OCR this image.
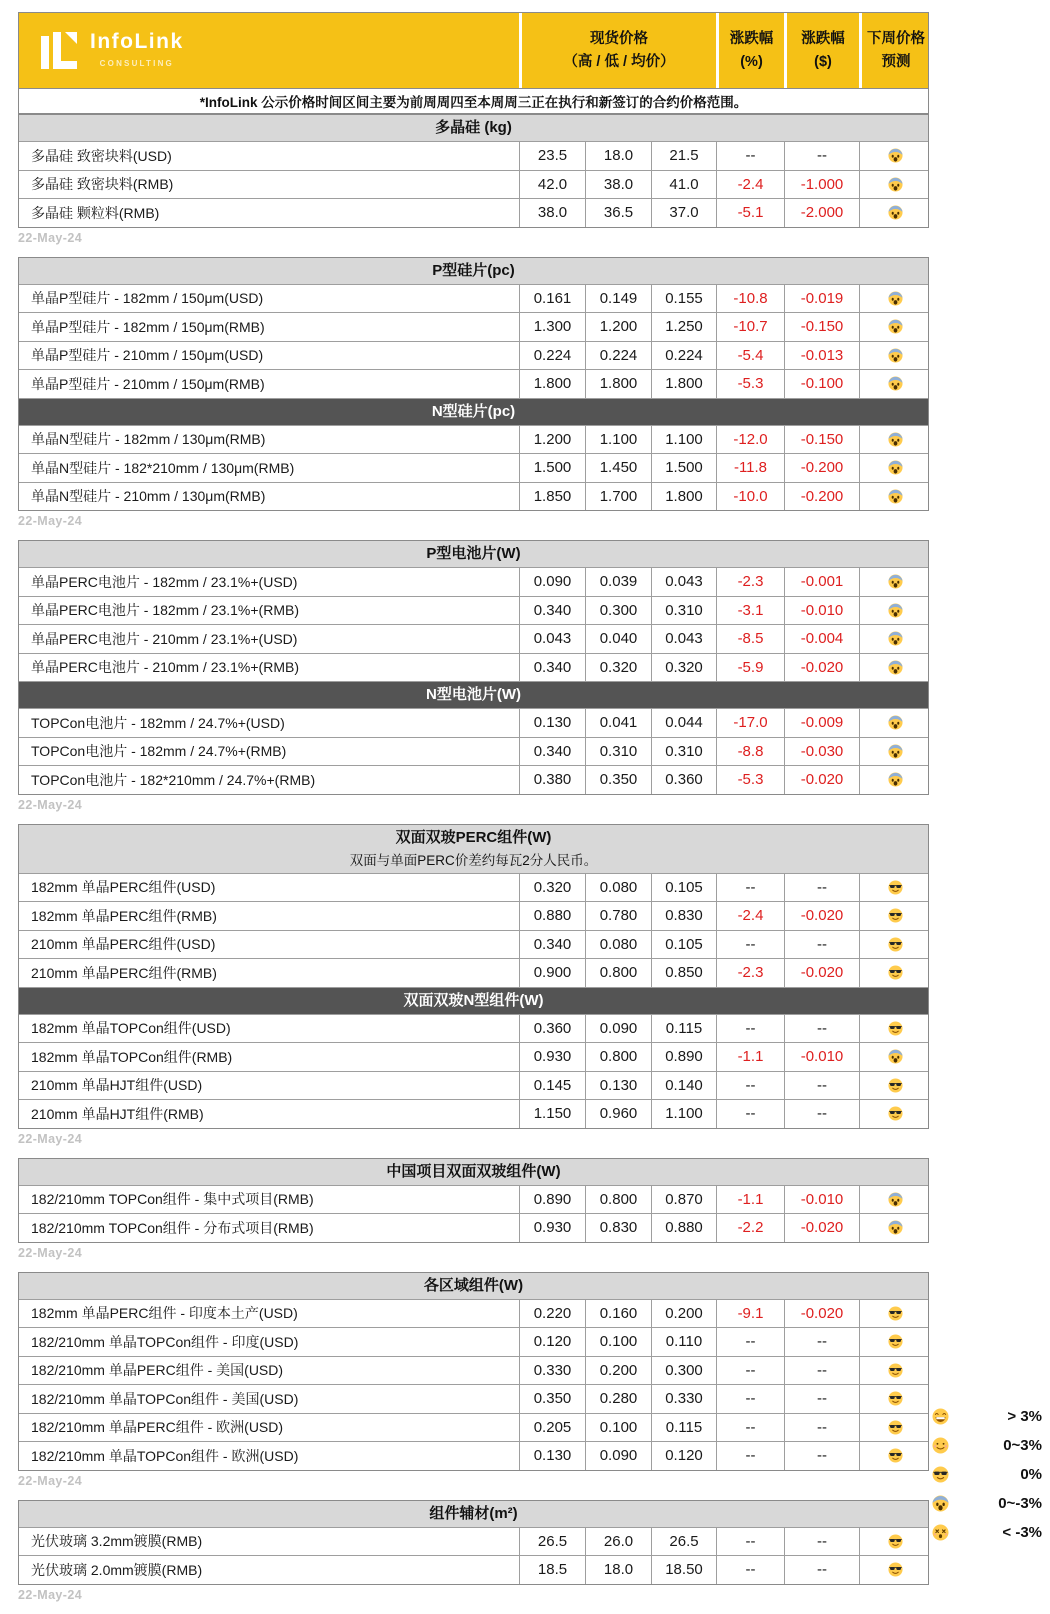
InfoLink
CONSULTING
现货价格
（高 / 低 / 均价）
涨跌幅
(%)
涨跌幅
($)
下周价格
预测
*InfoLink 公示价格时间区间主要为前周周四至本周周三正在执行和新签订的合约价格范围。
多晶硅 (kg)
多晶硅 致密块料(USD)	23.5	18.0	21.5	--	--
多晶硅 致密块料(RMB)	42.0	38.0	41.0	-2.4	-1.000
多晶硅 颗粒料(RMB)	38.0	36.5	37.0	-5.1	-2.000
22-May-24
P型硅片(pc)
单晶P型硅片 - 182mm / 150μm(USD)	0.161	0.149	0.155	-10.8	-0.019
单晶P型硅片 - 182mm / 150μm(RMB)	1.300	1.200	1.250	-10.7	-0.150
单晶P型硅片 - 210mm / 150μm(USD)	0.224	0.224	0.224	-5.4	-0.013
单晶P型硅片 - 210mm / 150μm(RMB)	1.800	1.800	1.800	-5.3	-0.100
N型硅片(pc)
单晶N型硅片 - 182mm / 130μm(RMB)	1.200	1.100	1.100	-12.0	-0.150
单晶N型硅片 - 182*210mm / 130μm(RMB)	1.500	1.450	1.500	-11.8	-0.200
单晶N型硅片 - 210mm / 130μm(RMB)	1.850	1.700	1.800	-10.0	-0.200
22-May-24
P型电池片(W)
单晶PERC电池片 - 182mm / 23.1%+(USD)	0.090	0.039	0.043	-2.3	-0.001
单晶PERC电池片 - 182mm / 23.1%+(RMB)	0.340	0.300	0.310	-3.1	-0.010
单晶PERC电池片 - 210mm / 23.1%+(USD)	0.043	0.040	0.043	-8.5	-0.004
单晶PERC电池片 - 210mm / 23.1%+(RMB)	0.340	0.320	0.320	-5.9	-0.020
N型电池片(W)
TOPCon电池片 - 182mm / 24.7%+(USD)	0.130	0.041	0.044	-17.0	-0.009
TOPCon电池片 - 182mm / 24.7%+(RMB)	0.340	0.310	0.310	-8.8	-0.030
TOPCon电池片 - 182*210mm / 24.7%+(RMB)	0.380	0.350	0.360	-5.3	-0.020
22-May-24
双面双玻PERC组件(W)
双面与单面PERC价差约每瓦2分人民币。
182mm 单晶PERC组件(USD)	0.320	0.080	0.105	--	--
182mm 单晶PERC组件(RMB)	0.880	0.780	0.830	-2.4	-0.020
210mm 单晶PERC组件(USD)	0.340	0.080	0.105	--	--
210mm 单晶PERC组件(RMB)	0.900	0.800	0.850	-2.3	-0.020
双面双玻N型组件(W)
182mm 单晶TOPCon组件(USD)	0.360	0.090	0.115	--	--
182mm 单晶TOPCon组件(RMB)	0.930	0.800	0.890	-1.1	-0.010
210mm 单晶HJT组件(USD)	0.145	0.130	0.140	--	--
210mm 单晶HJT组件(RMB)	1.150	0.960	1.100	--	--
22-May-24
中国项目双面双玻组件(W)
182/210mm TOPCon组件 - 集中式项目(RMB)	0.890	0.800	0.870	-1.1	-0.010
182/210mm TOPCon组件 - 分布式项目(RMB)	0.930	0.830	0.880	-2.2	-0.020
22-May-24
各区域组件(W)
182mm 单晶PERC组件 - 印度本土产(USD)	0.220	0.160	0.200	-9.1	-0.020
182/210mm 单晶TOPCon组件 - 印度(USD)	0.120	0.100	0.110	--	--
182/210mm 单晶PERC组件 - 美国(USD)	0.330	0.200	0.300	--	--
182/210mm 单晶TOPCon组件 - 美国(USD)	0.350	0.280	0.330	--	--
182/210mm 单晶PERC组件 - 欧洲(USD)	0.205	0.100	0.115	--	--
182/210mm 单晶TOPCon组件 - 欧洲(USD)	0.130	0.090	0.120	--	--
22-May-24
组件辅材(m²)
光伏玻璃 3.2mm镀膜(RMB)	26.5	26.0	26.5	--	--
光伏玻璃 2.0mm镀膜(RMB)	18.5	18.0	18.50	--	--
22-May-24
> 3%
0~3%
0%
0~-3%
< -3%
